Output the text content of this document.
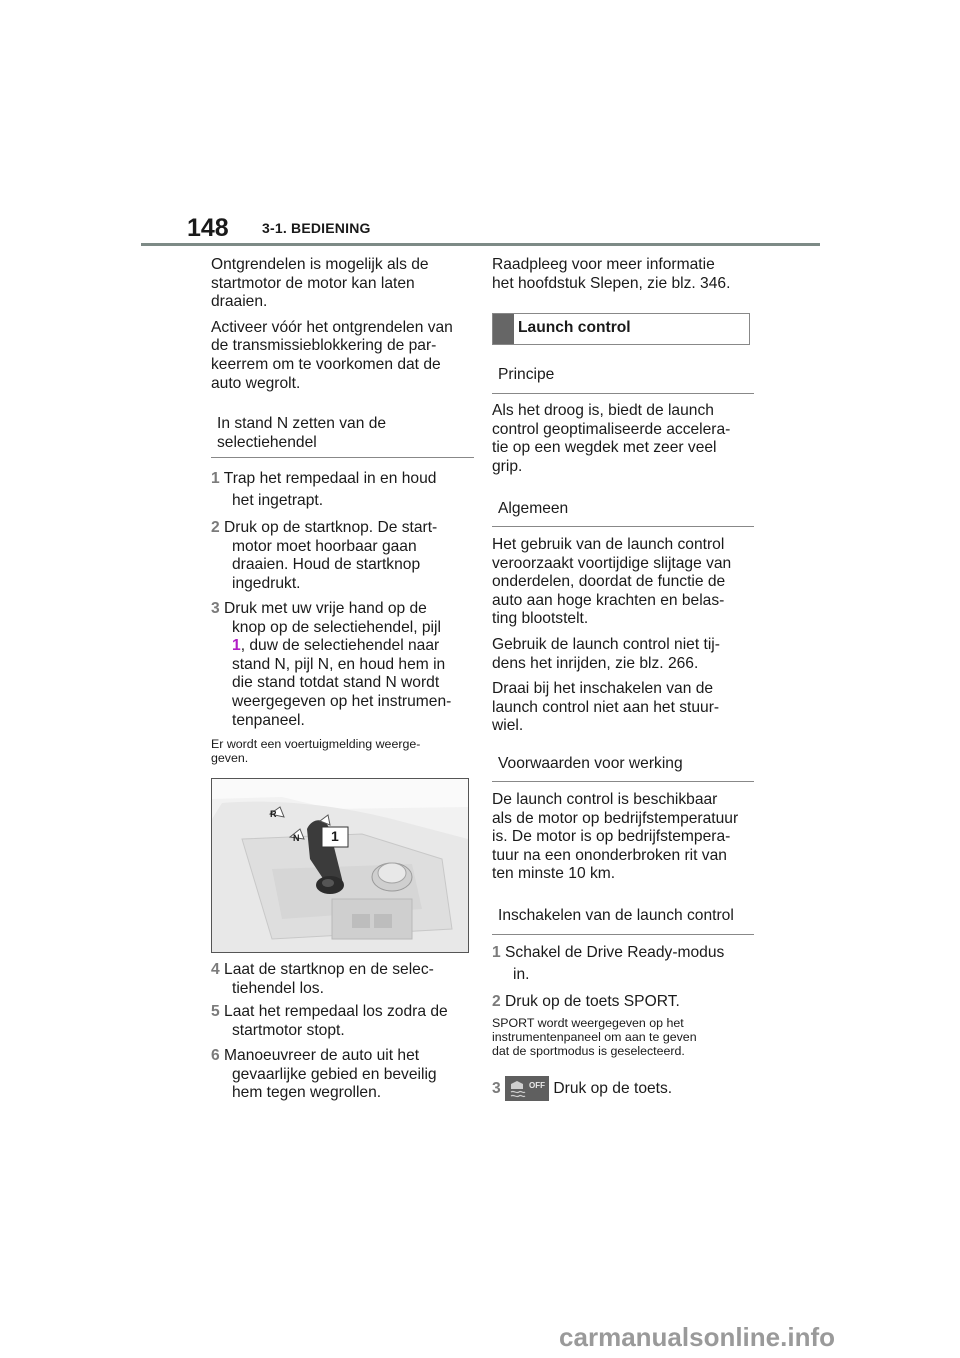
148 3-1. BEDIENING

Ontgrendelen is mogelijk als de
startmotor de motor kan laten
draaien.

Activeer vóór het ontgrendelen van
de transmissieblokkering de par-
keerrem om te voorkomen dat de
auto wegrolt.

In stand N zetten van de
selectiehendel
1 Trap het rempedaal in en houd
het ingetrapt.
2 Druk op de startknop. De start-
motor moet hoorbaar gaan
draaien. Houd de startknop
ingedrukt.
3 Druk met uw vrije hand op de
knop op de selectiehendel, pijl
1, duw de selectiehendel naar
stand N, pijl N, en houd hem in
die stand totdat stand N wordt
weergegeven op het instrumen-
tenpaneel.
Er wordt een voertuigmelding weerge-
geven.
R
N 1
4 Laat de startknop en de selec-
tiehendel los.
5 Laat het rempedaal los zodra de
startmotor stopt.
6 Manoeuvreer de auto uit het
gevaarlijke gebied en beveilig
hem tegen wegrollen.

Raadpleeg voor meer informatie
het hoofdstuk Slepen, zie blz. 346.

Launch control
Principe

Als het droog is, biedt de launch
control geoptimaliseerde accelera-
tie op een wegdek met zeer veel
grip.

Algemeen

Het gebruik van de launch control
veroorzaakt voortijdige slijtage van
onderdelen, doordat de functie de
auto aan hoge krachten en belas-
ting blootstelt.

Gebruik de launch control niet tij-
dens het inrijden, zie blz. 266.

Draai bij het inschakelen van de
launch control niet aan het stuur-
wiel.

Voorwaarden voor werking

De launch control is beschikbaar
als de motor op bedrijfstemperatuur
is. De motor is op bedrijfstempera-
tuur na een ononderbroken rit van
ten minste 10 km.

Inschakelen van de launch control
1 Schakel de Drive Ready-modus
in.
2 Druk op de toets SPORT.
SPORT wordt weergegeven op het
instrumentenpaneel om aan te geven
dat de sportmodus is geselecteerd.
3	OFF Druk op de toets.
carmanualsonline.info
